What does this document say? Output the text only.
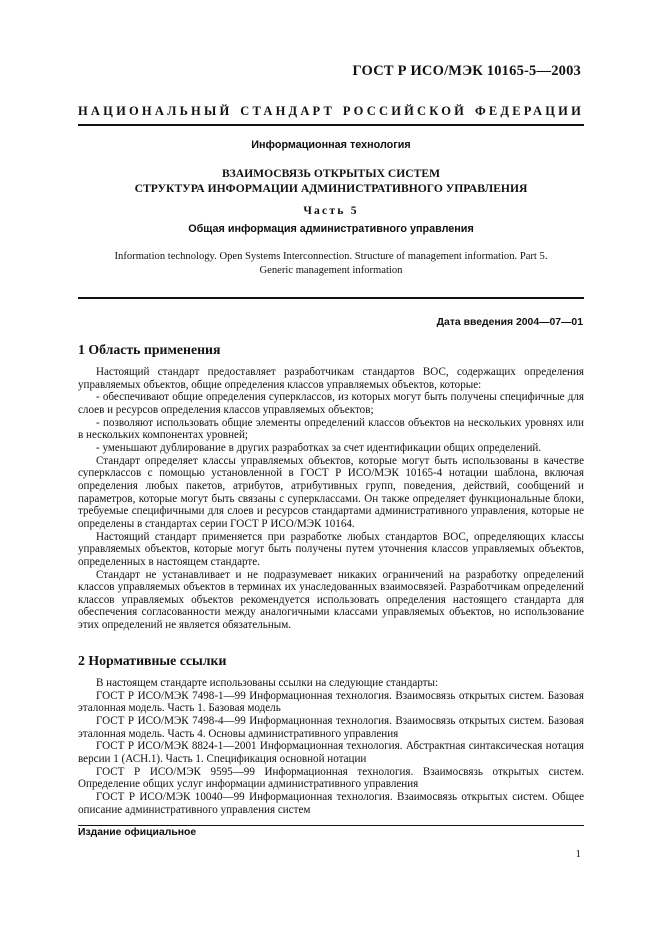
ГОСТ Р ИСО/МЭК 10165-5—2003
НАЦИОНАЛЬНЫЙ СТАНДАРТ РОССИЙСКОЙ ФЕДЕРАЦИИ
Информационная технология
ВЗАИМОСВЯЗЬ ОТКРЫТЫХ СИСТЕМ
СТРУКТУРА ИНФОРМАЦИИ АДМИНИСТРАТИВНОГО УПРАВЛЕНИЯ
Часть 5
Общая информация административного управления
Information technology. Open Systems Interconnection. Structure of management information. Part 5.
Generic management information
Дата введения 2004—07—01
1 Область применения

Настоящий стандарт предоставляет разработчикам стандартов ВОС, содержащих определения управляемых объектов, общие определения классов управляемых объектов, которые:

- обеспечивают общие определения суперклассов, из которых могут быть получены специфичные для слоев и ресурсов определения классов управляемых объектов;

- позволяют использовать общие элементы определений классов объектов на нескольких уровнях или в нескольких компонентах уровней;

- уменьшают дублирование в других разработках за счет идентификации общих определений.

Стандарт определяет классы управляемых объектов, которые могут быть использованы в качестве суперклассов с помощью установленной в ГОСТ Р ИСО/МЭК 10165-4 нотации шаблона, включая определения любых пакетов, атрибутов, атрибутивных групп, поведения, действий, сообщений и параметров, которые могут быть связаны с суперклассами. Он также определяет функциональные блоки, требуемые специфичными для слоев и ресурсов стандартами административного управления, которые не определены в стандартах серии ГОСТ Р ИСО/МЭК 10164.

Настоящий стандарт применяется при разработке любых стандартов ВОС, определяющих классы управляемых объектов, которые могут быть получены путем уточнения классов управляемых объектов, определенных в настоящем стандарте.

Стандарт не устанавливает и не подразумевает никаких ограничений на разработку определений классов управляемых объектов в терминах их унаследованных взаимосвязей. Разработчикам определений классов управляемых объектов рекомендуется использовать определения настоящего стандарта для обеспечения согласованности между аналогичными классами управляемых объектов, но использование этих определений не является обязательным.

2 Нормативные ссылки

В настоящем стандарте использованы ссылки на следующие стандарты:

ГОСТ Р ИСО/МЭК 7498-1—99 Информационная технология. Взаимосвязь открытых систем. Базовая эталонная модель. Часть 1. Базовая модель

ГОСТ Р ИСО/МЭК 7498-4—99 Информационная технология. Взаимосвязь открытых систем. Базовая эталонная модель. Часть 4. Основы административного управления

ГОСТ Р ИСО/МЭК 8824-1—2001 Информационная технология. Абстрактная синтаксическая нотация версии 1 (АСН.1). Часть 1. Спецификация основной нотации

ГОСТ Р ИСО/МЭК 9595—99 Информационная технология. Взаимосвязь открытых систем. Определение общих услуг информации административного управления

ГОСТ Р ИСО/МЭК 10040—99 Информационная технология. Взаимосвязь открытых систем. Общее описание административного управления систем

Издание официальное
1
